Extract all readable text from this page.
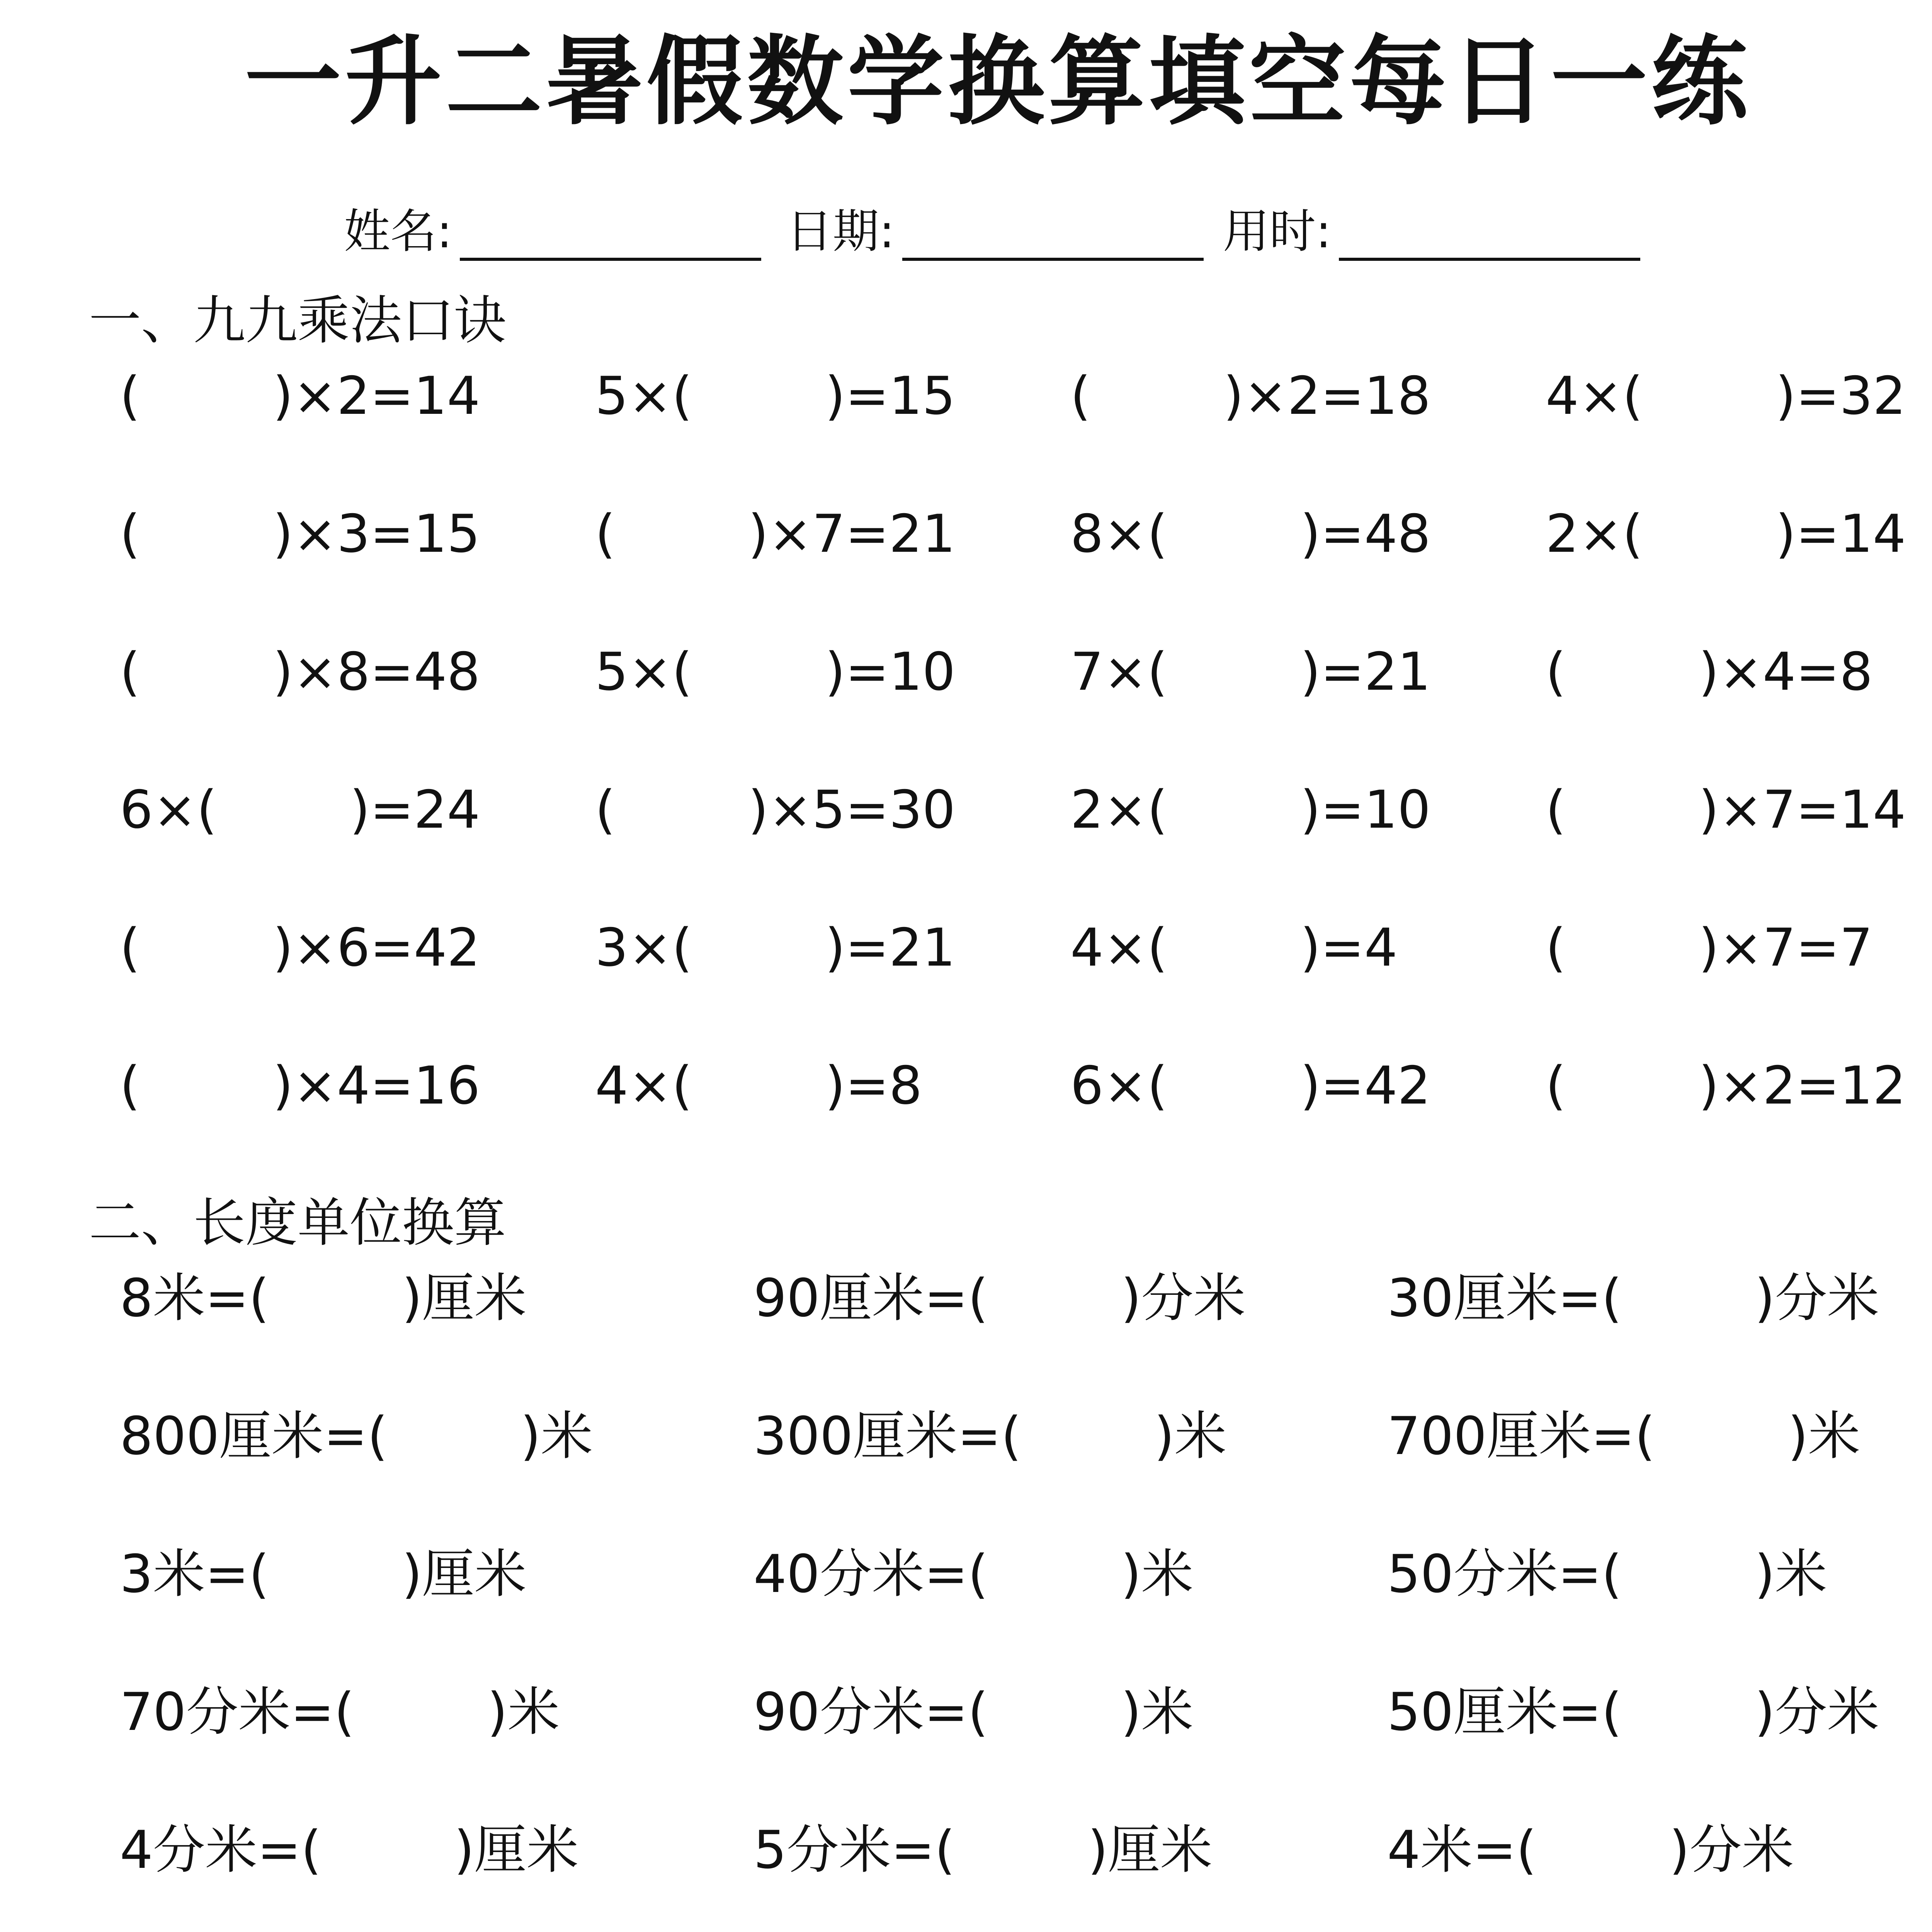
一升二暑假数学换算填空每日一练
姓名:	日期:	用时:
一、九九乘法口诀
(        )×2=14 5×(        )=15 (        )×2=18 4×(        )=32
(        )×3=15 (        )×7=21 8×(        )=48 2×(        )=14
(        )×8=48 5×(        )=10 7×(        )=21 (        )×4=8
6×(        )=24 (        )×5=30 2×(        )=10 (        )×7=14
(        )×6=42 3×(        )=21 4×(        )=4	(        )×7=7
(        )×4=16 4×(        )=8	6×(        )=42 (        )×2=12
二、长度单位换算
8米=(        )厘米	90厘米=(        )分米	30厘米=(        )分米
800厘米=(        )米	300厘米=(        )米	700厘米=(        )米
3米=(        )厘米	40分米=(        )米	50分米=(        )米
70分米=(        )米	90分米=(        )米	50厘米=(        )分米
4分米=(        )厘米	5分米=(        )厘米	4米=(        )分米
